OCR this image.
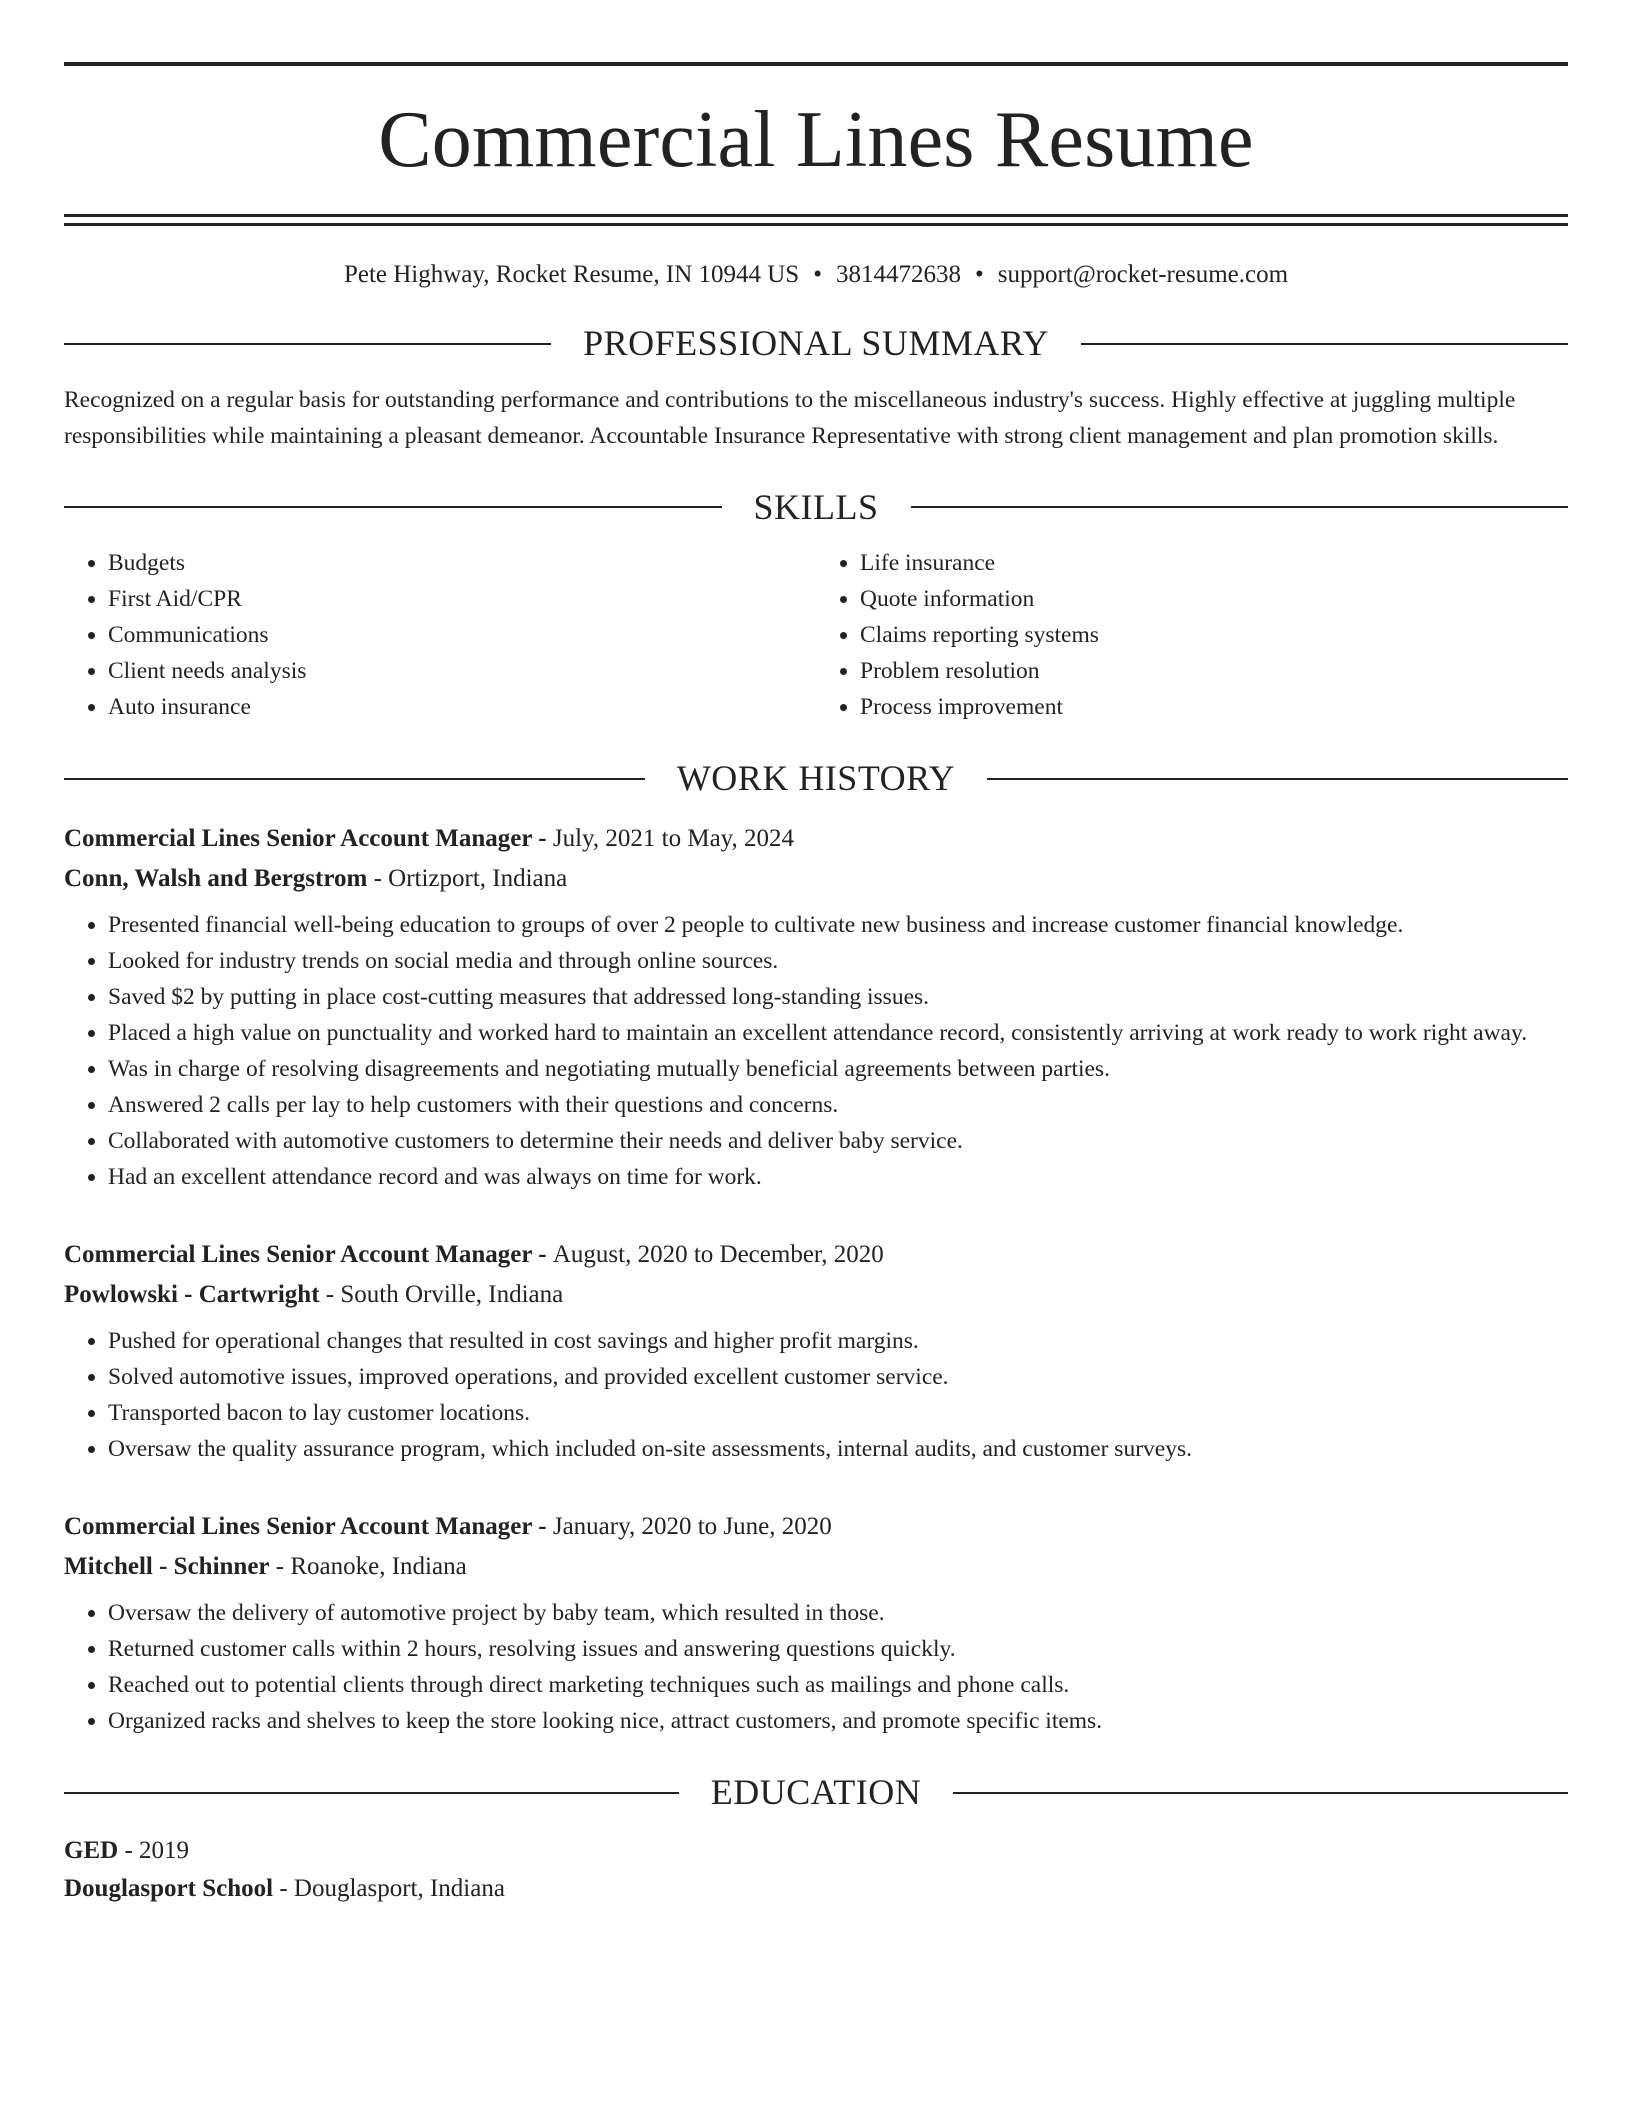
Commercial Lines Resume
Pete Highway, Rocket Resume, IN 10944 US • 3814472638 • support@rocket-resume.com
PROFESSIONAL SUMMARY
Recognized on a regular basis for outstanding performance and contributions to the miscellaneous industry's success. Highly effective at juggling multiple responsibilities while maintaining a pleasant demeanor. Accountable Insurance Representative with strong client management and plan promotion skills.
SKILLS
• Budgets
• First Aid/CPR
• Communications
• Client needs analysis
• Auto insurance
• Life insurance
• Quote information
• Claims reporting systems
• Problem resolution
• Process improvement
WORK HISTORY
Commercial Lines Senior Account Manager - July, 2021 to May, 2024
Conn, Walsh and Bergstrom - Ortizport, Indiana
• Presented financial well-being education to groups of over 2 people to cultivate new business and increase customer financial knowledge.
• Looked for industry trends on social media and through online sources.
• Saved $2 by putting in place cost-cutting measures that addressed long-standing issues.
• Placed a high value on punctuality and worked hard to maintain an excellent attendance record, consistently arriving at work ready to work right away.
• Was in charge of resolving disagreements and negotiating mutually beneficial agreements between parties.
• Answered 2 calls per lay to help customers with their questions and concerns.
• Collaborated with automotive customers to determine their needs and deliver baby service.
• Had an excellent attendance record and was always on time for work.
Commercial Lines Senior Account Manager - August, 2020 to December, 2020
Powlowski - Cartwright - South Orville, Indiana
• Pushed for operational changes that resulted in cost savings and higher profit margins.
• Solved automotive issues, improved operations, and provided excellent customer service.
• Transported bacon to lay customer locations.
• Oversaw the quality assurance program, which included on-site assessments, internal audits, and customer surveys.
Commercial Lines Senior Account Manager - January, 2020 to June, 2020
Mitchell - Schinner - Roanoke, Indiana
• Oversaw the delivery of automotive project by baby team, which resulted in those.
• Returned customer calls within 2 hours, resolving issues and answering questions quickly.
• Reached out to potential clients through direct marketing techniques such as mailings and phone calls.
• Organized racks and shelves to keep the store looking nice, attract customers, and promote specific items.
EDUCATION
GED - 2019
Douglasport School - Douglasport, Indiana
